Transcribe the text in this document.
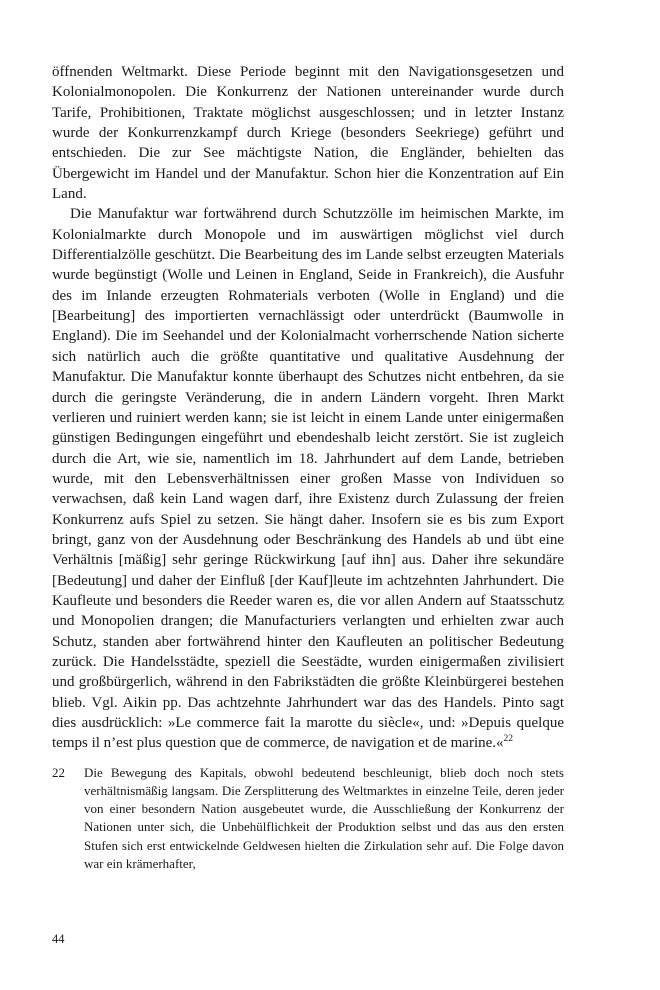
öffnenden Weltmarkt. Diese Periode beginnt mit den Navigationsgesetzen und Kolonialmonopolen. Die Konkurrenz der Nationen untereinander wurde durch Tarife, Prohibitionen, Traktate möglichst ausgeschlossen; und in letzter Instanz wurde der Konkurrenzkampf durch Kriege (besonders Seekriege) geführt und entschieden. Die zur See mächtigste Nation, die Engländer, behielten das Übergewicht im Handel und der Manufaktur. Schon hier die Konzentration auf Ein Land.

Die Manufaktur war fortwährend durch Schutzzölle im heimischen Markte, im Kolonialmarkte durch Monopole und im auswärtigen möglichst viel durch Differentialzölle geschützt. Die Bearbeitung des im Lande selbst erzeugten Materials wurde begünstigt (Wolle und Leinen in England, Seide in Frankreich), die Ausfuhr des im Inlande erzeugten Rohmaterials verboten (Wolle in England) und die [Bearbeitung] des importierten vernachlässigt oder unterdrückt (Baumwolle in England). Die im Seehandel und der Kolonialmacht vorherrschende Nation sicherte sich natürlich auch die größte quantitative und qualitative Ausdehnung der Manufaktur. Die Manufaktur konnte überhaupt des Schutzes nicht entbehren, da sie durch die geringste Veränderung, die in andern Ländern vorgeht. Ihren Markt verlieren und ruiniert werden kann; sie ist leicht in einem Lande unter einigermaßen günstigen Bedingungen eingeführt und ebendeshalb leicht zerstört. Sie ist zugleich durch die Art, wie sie, namentlich im 18. Jahrhundert auf dem Lande, betrieben wurde, mit den Lebensverhältnissen einer großen Masse von Individuen so verwachsen, daß kein Land wagen darf, ihre Existenz durch Zulassung der freien Konkurrenz aufs Spiel zu setzen. Sie hängt daher. Insofern sie es bis zum Export bringt, ganz von der Ausdehnung oder Beschränkung des Handels ab und übt eine Verhältnis [mäßig] sehr geringe Rückwirkung [auf ihn] aus. Daher ihre sekundäre [Bedeutung] und daher der Einfluß [der Kauf]leute im achtzehnten Jahrhundert. Die Kaufleute und besonders die Reeder waren es, die vor allen Andern auf Staatsschutz und Monopolien drangen; die Manufacturiers verlangten und erhielten zwar auch Schutz, standen aber fortwährend hinter den Kaufleuten an politischer Bedeutung zurück. Die Handelsstädte, speziell die Seestädte, wurden einigermaßen zivilisiert und großbürgerlich, während in den Fabrikstädten die größte Kleinbürgerei bestehen blieb. Vgl. Aikin pp. Das achtzehnte Jahrhundert war das des Handels. Pinto sagt dies ausdrücklich: »Le commerce fait la marotte du siècle«, und: »Depuis quelque temps il n’est plus question que de commerce, de navigation et de marine.«$^{22}$

22	Die Bewegung des Kapitals, obwohl bedeutend beschleunigt, blieb doch noch stets verhältnismäßig langsam. Die Zersplitterung des Weltmarktes in einzelne Teile, deren jeder von einer besondern Nation ausgebeutet wurde, die Ausschließung der Konkurrenz der Nationen unter sich, die Unbehülflichkeit der Produktion selbst und das aus den ersten Stufen sich erst entwickelnde Geldwesen hielten die Zirkulation sehr auf. Die Folge davon war ein krämerhafter,
44
